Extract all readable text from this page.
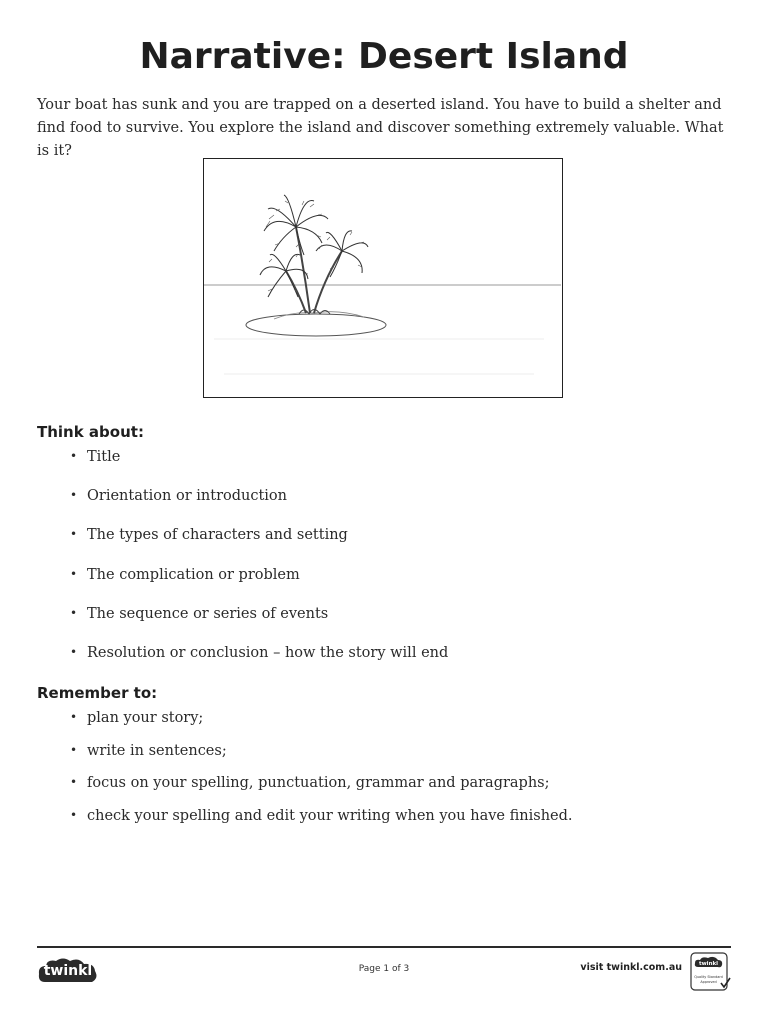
Narrative: Desert Island

Your boat has sunk and you are trapped on a deserted island. You have to build a shelter and find food to survive. You explore the island and discover something extremely valuable. What is it?

Think about:
• Title
• Orientation or introduction
• The types of characters and setting
• The complication or problem
• The sequence or series of events
• Resolution or conclusion – how the story will end
Remember to:
• plan your story;
• write in sentences;
• focus on your spelling, punctuation, grammar and paragraphs;
• check your spelling and edit your writing when you have finished.
twinkl	Page 1 of 3	visit twinkl.com.au	twinkl
Quality Standard
Approved
